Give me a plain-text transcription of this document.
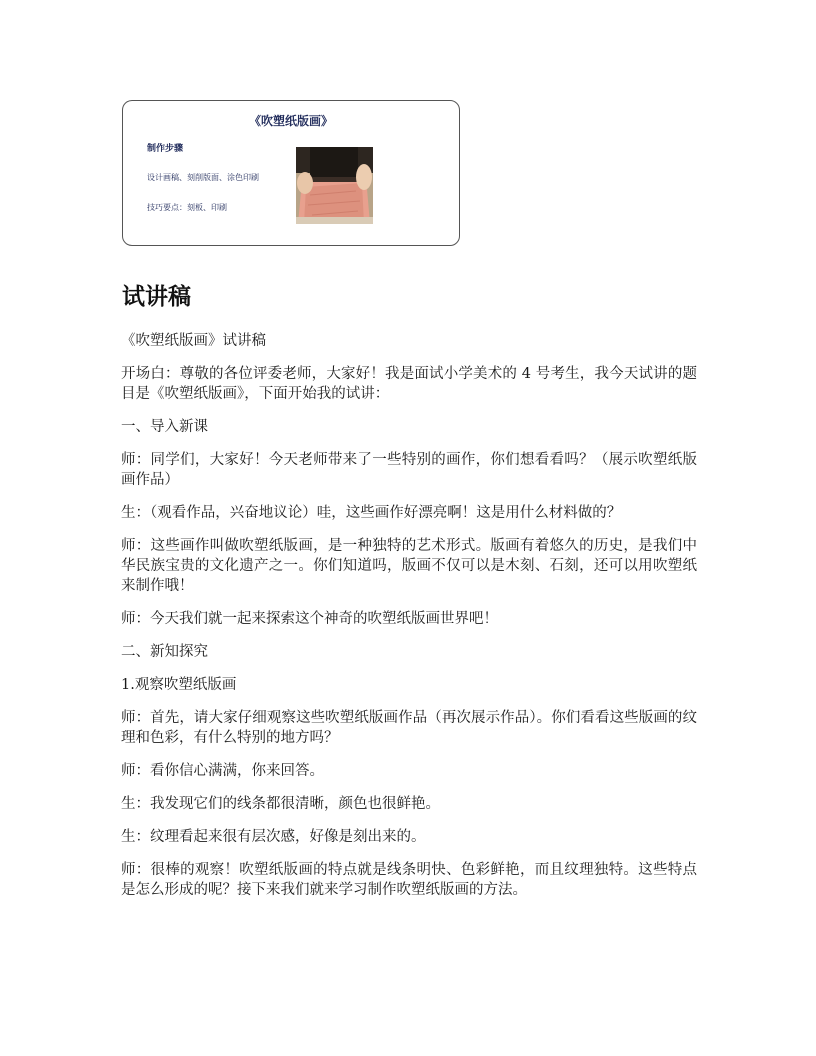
《吹塑纸版画》
制作步骤
设计画稿、刻削版面、涂色印刷
技巧要点：刻板、印刷
试讲稿

《吹塑纸版画》试讲稿

开场白：尊敬的各位评委老师，大家好！我是面试小学美术的 4 号考生，我今天试讲的题目是《吹塑纸版画》，下面开始我的试讲：

一、导入新课

师：同学们，大家好！今天老师带来了一些特别的画作，你们想看看吗？（展示吹塑纸版画作品）

生：（观看作品，兴奋地议论）哇，这些画作好漂亮啊！这是用什么材料做的？

师：这些画作叫做吹塑纸版画，是一种独特的艺术形式。版画有着悠久的历史，是我们中华民族宝贵的文化遗产之一。你们知道吗，版画不仅可以是木刻、石刻，还可以用吹塑纸来制作哦！

师：今天我们就一起来探索这个神奇的吹塑纸版画世界吧！

二、新知探究

1.观察吹塑纸版画

师：首先，请大家仔细观察这些吹塑纸版画作品（再次展示作品）。你们看看这些版画的纹理和色彩，有什么特别的地方吗？

师：看你信心满满，你来回答。

生：我发现它们的线条都很清晰，颜色也很鲜艳。

生：纹理看起来很有层次感，好像是刻出来的。

师：很棒的观察！吹塑纸版画的特点就是线条明快、色彩鲜艳，而且纹理独特。这些特点是怎么形成的呢？接下来我们就来学习制作吹塑纸版画的方法。
